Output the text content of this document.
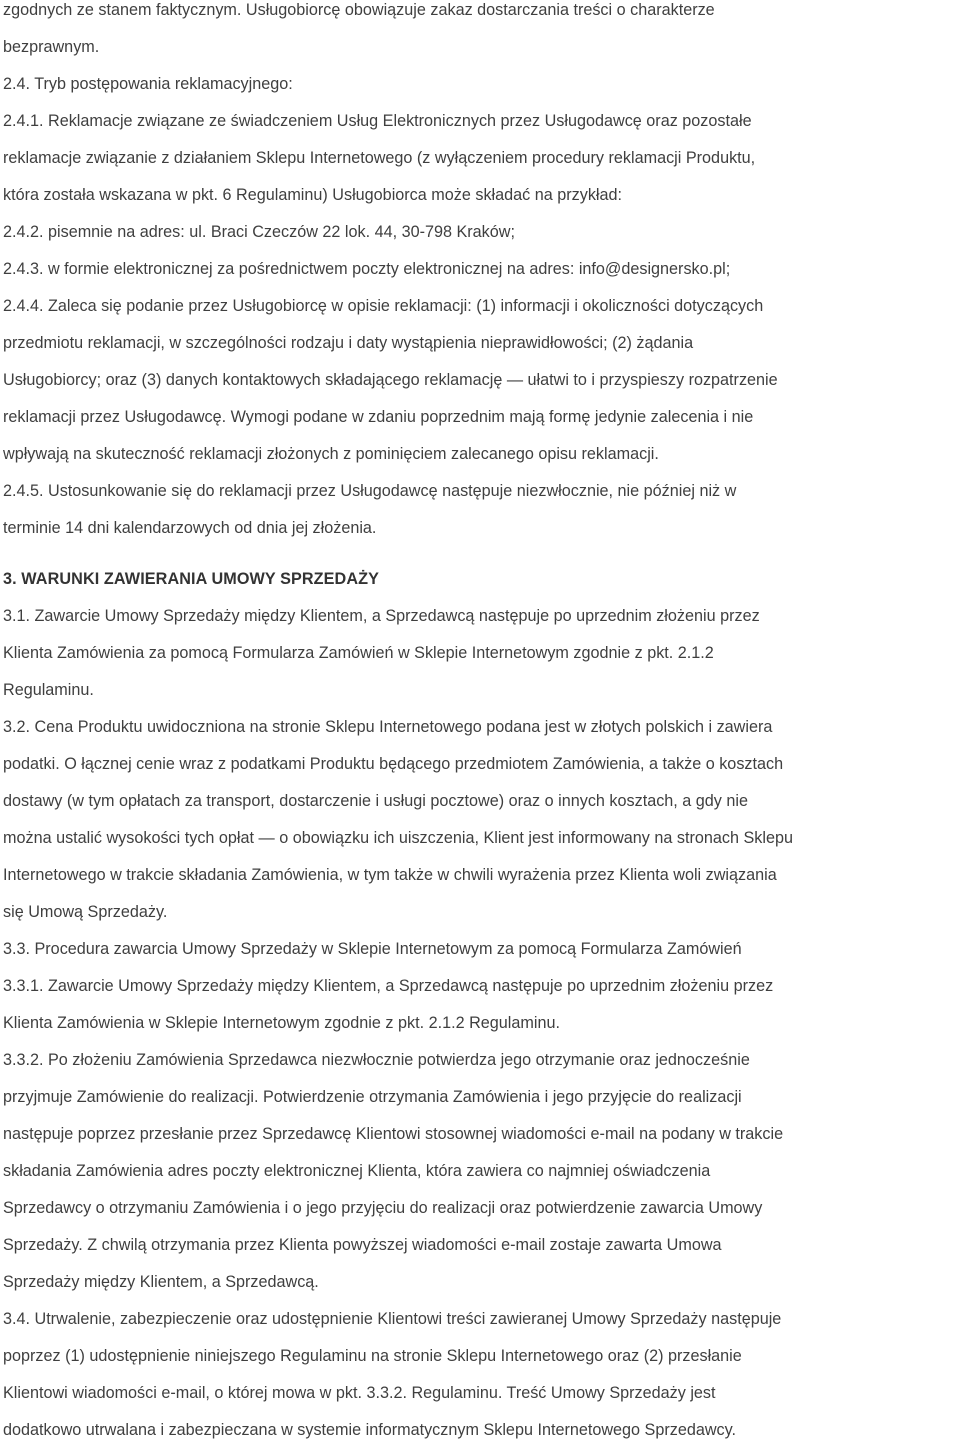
zgodnych ze stanem faktycznym. Usługobiorcę obowiązuje zakaz dostarczania treści o charakterze
bezprawnym.
2.4. Tryb postępowania reklamacyjnego:
2.4.1. Reklamacje związane ze świadczeniem Usług Elektronicznych przez Usługodawcę oraz pozostałe
reklamacje związanie z działaniem Sklepu Internetowego (z wyłączeniem procedury reklamacji Produktu,
która została wskazana w pkt. 6 Regulaminu) Usługobiorca może składać na przykład:
2.4.2. pisemnie na adres: ul. Braci Czeczów 22 lok. 44, 30-798 Kraków;
2.4.3. w formie elektronicznej za pośrednictwem poczty elektronicznej na adres: info@designersko.pl;
2.4.4. Zaleca się podanie przez Usługobiorcę w opisie reklamacji: (1) informacji i okoliczności dotyczących
przedmiotu reklamacji, w szczególności rodzaju i daty wystąpienia nieprawidłowości; (2) żądania
Usługobiorcy; oraz (3) danych kontaktowych składającego reklamację — ułatwi to i przyspieszy rozpatrzenie
reklamacji przez Usługodawcę. Wymogi podane w zdaniu poprzednim mają formę jedynie zalecenia i nie
wpływają na skuteczność reklamacji złożonych z pominięciem zalecanego opisu reklamacji.
2.4.5. Ustosunkowanie się do reklamacji przez Usługodawcę następuje niezwłocznie, nie później niż w
terminie 14 dni kalendarzowych od dnia jej złożenia.
3. WARUNKI ZAWIERANIA UMOWY SPRZEDAŻY
3.1. Zawarcie Umowy Sprzedaży między Klientem, a Sprzedawcą następuje po uprzednim złożeniu przez
Klienta Zamówienia za pomocą Formularza Zamówień w Sklepie Internetowym zgodnie z pkt. 2.1.2
Regulaminu.
3.2. Cena Produktu uwidoczniona na stronie Sklepu Internetowego podana jest w złotych polskich i zawiera
podatki. O łącznej cenie wraz z podatkami Produktu będącego przedmiotem Zamówienia, a także o kosztach
dostawy (w tym opłatach za transport, dostarczenie i usługi pocztowe) oraz o innych kosztach, a gdy nie
można ustalić wysokości tych opłat — o obowiązku ich uiszczenia, Klient jest informowany na stronach Sklepu
Internetowego w trakcie składania Zamówienia, w tym także w chwili wyrażenia przez Klienta woli związania
się Umową Sprzedaży.
3.3. Procedura zawarcia Umowy Sprzedaży w Sklepie Internetowym za pomocą Formularza Zamówień
3.3.1. Zawarcie Umowy Sprzedaży między Klientem, a Sprzedawcą następuje po uprzednim złożeniu przez
Klienta Zamówienia w Sklepie Internetowym zgodnie z pkt. 2.1.2 Regulaminu.
3.3.2. Po złożeniu Zamówienia Sprzedawca niezwłocznie potwierdza jego otrzymanie oraz jednocześnie
przyjmuje Zamówienie do realizacji. Potwierdzenie otrzymania Zamówienia i jego przyjęcie do realizacji
następuje poprzez przesłanie przez Sprzedawcę Klientowi stosownej wiadomości e-mail na podany w trakcie
składania Zamówienia adres poczty elektronicznej Klienta, która zawiera co najmniej oświadczenia
Sprzedawcy o otrzymaniu Zamówienia i o jego przyjęciu do realizacji oraz potwierdzenie zawarcia Umowy
Sprzedaży. Z chwilą otrzymania przez Klienta powyższej wiadomości e-mail zostaje zawarta Umowa
Sprzedaży między Klientem, a Sprzedawcą.
3.4. Utrwalenie, zabezpieczenie oraz udostępnienie Klientowi treści zawieranej Umowy Sprzedaży następuje
poprzez (1) udostępnienie niniejszego Regulaminu na stronie Sklepu Internetowego oraz (2) przesłanie
Klientowi wiadomości e-mail, o której mowa w pkt. 3.3.2. Regulaminu. Treść Umowy Sprzedaży jest
dodatkowo utrwalana i zabezpieczana w systemie informatycznym Sklepu Internetowego Sprzedawcy.
